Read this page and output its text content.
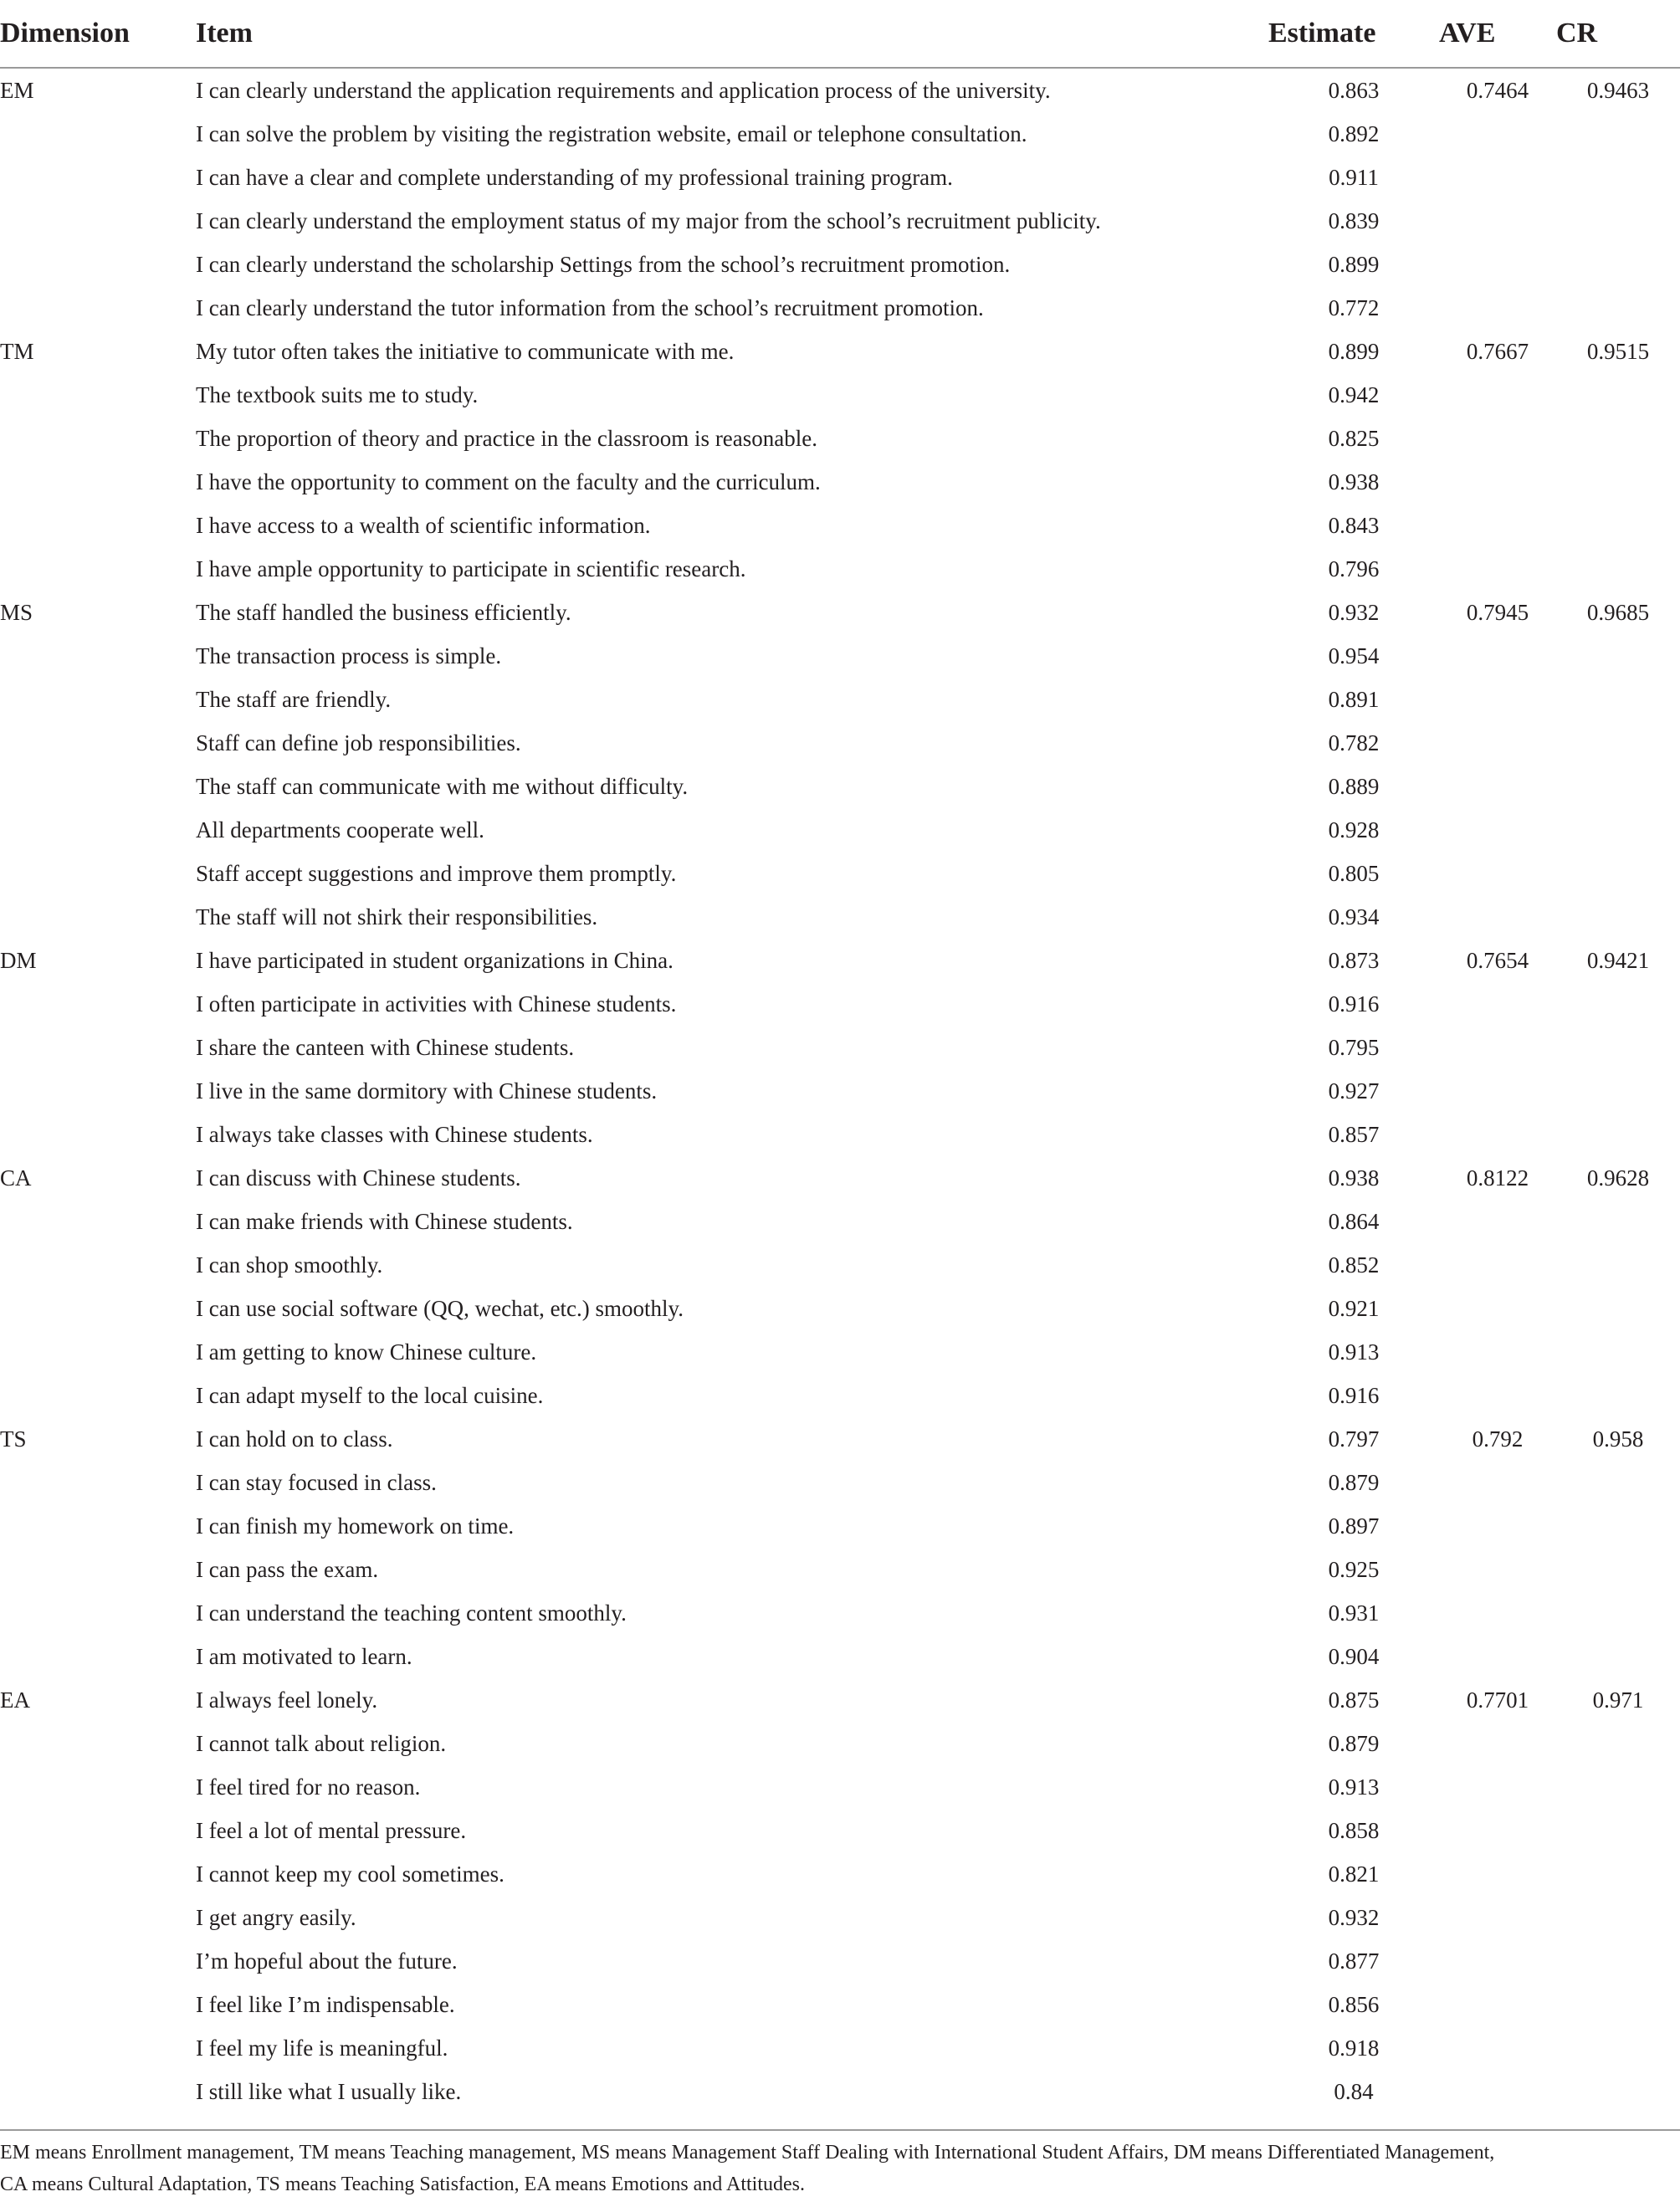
Dimension	Item	Estimate	AVE	CR
EM	I can clearly understand the application requirements and application process of the university.	0.863	0.7464	0.9463
	I can solve the problem by visiting the registration website, email or telephone consultation.	0.892		
	I can have a clear and complete understanding of my professional training program.	0.911		
	I can clearly understand the employment status of my major from the school’s recruitment publicity.	0.839		
	I can clearly understand the scholarship Settings from the school’s recruitment promotion.	0.899		
	I can clearly understand the tutor information from the school’s recruitment promotion.	0.772		
TM	My tutor often takes the initiative to communicate with me.	0.899	0.7667	0.9515
	The textbook suits me to study.	0.942		
	The proportion of theory and practice in the classroom is reasonable.	0.825		
	I have the opportunity to comment on the faculty and the curriculum.	0.938		
	I have access to a wealth of scientific information.	0.843		
	I have ample opportunity to participate in scientific research.	0.796		
MS	The staff handled the business efficiently.	0.932	0.7945	0.9685
	The transaction process is simple.	0.954		
	The staff are friendly.	0.891		
	Staff can define job responsibilities.	0.782		
	The staff can communicate with me without difficulty.	0.889		
	All departments cooperate well.	0.928		
	Staff accept suggestions and improve them promptly.	0.805		
	The staff will not shirk their responsibilities.	0.934		
DM	I have participated in student organizations in China.	0.873	0.7654	0.9421
	I often participate in activities with Chinese students.	0.916		
	I share the canteen with Chinese students.	0.795		
	I live in the same dormitory with Chinese students.	0.927		
	I always take classes with Chinese students.	0.857		
CA	I can discuss with Chinese students.	0.938	0.8122	0.9628
	I can make friends with Chinese students.	0.864		
	I can shop smoothly.	0.852		
	I can use social software (QQ, wechat, etc.) smoothly.	0.921		
	I am getting to know Chinese culture.	0.913		
	I can adapt myself to the local cuisine.	0.916		
TS	I can hold on to class.	0.797	0.792	0.958
	I can stay focused in class.	0.879		
	I can finish my homework on time.	0.897		
	I can pass the exam.	0.925		
	I can understand the teaching content smoothly.	0.931		
	I am motivated to learn.	0.904		
EA	I always feel lonely.	0.875	0.7701	0.971
	I cannot talk about religion.	0.879		
	I feel tired for no reason.	0.913		
	I feel a lot of mental pressure.	0.858		
	I cannot keep my cool sometimes.	0.821		
	I get angry easily.	0.932		
	I’m hopeful about the future.	0.877		
	I feel like I’m indispensable.	0.856		
	I feel my life is meaningful.	0.918		
	I still like what I usually like.	0.84		
EM means Enrollment management, TM means Teaching management, MS means Management Staff Dealing with International Student Affairs, DM means Differentiated Management,
CA means Cultural Adaptation, TS means Teaching Satisfaction, EA means Emotions and Attitudes.
